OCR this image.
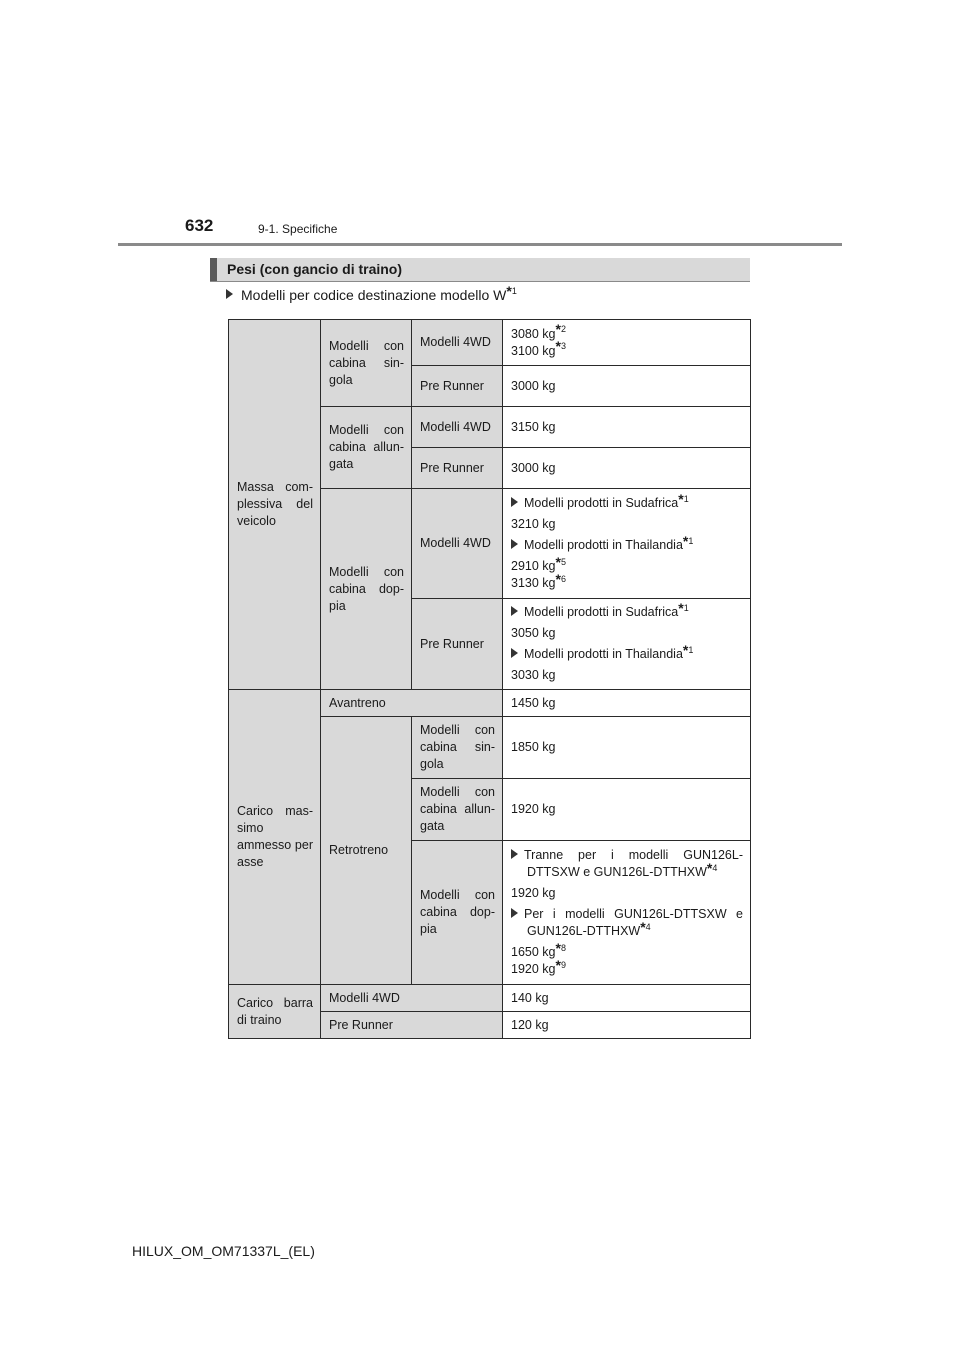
632	9-1. Specifiche
Pesi (con gancio di traino)
Modelli per codice destinazione modello $W^{*1}$
Massa com- plessiva del veicolo	Modelli con cabina sin- gola	Modelli 4WD	3080 $kg^{*2}$
3100 $kg^{*3}$

		Pre Runner	3000 kg
	Modelli con cabina allun- gata	Modelli 4WD	3150 kg
		Pre Runner	3000 kg
	Modelli con cabina dop- pia	Modelli 4WD	Modelli prodotti in Sudafrica$^{*1}$
3210 kg
Modelli prodotti in Thailandia$^{*1}$
2910 $kg^{*5}$
3130 $kg^{*6}$

		Pre Runner	Modelli prodotti in Sudafrica$^{*1}$
3050 kg
Modelli prodotti in Thailandia$^{*1}$
3030 kg

Carico mas- simo ammesso per asse	Avantreno		1450 kg
	Retrotreno	Modelli con cabina sin- gola	1850 kg
		Modelli con cabina allun- gata	1920 kg
		Modelli con cabina dop- pia	Tranne per i modelli GUN126L- DTTSXW e GUN126L-DTTHXW$^{*4}$
1920 kg
Per i modelli GUN126L-DTTSXW e GUN126L-DTTHXW$^{*4}$
1650 $kg^{*8}$
1920 $kg^{*9}$

Carico barra di traino	Modelli 4WD		140 kg
	Pre Runner		120 kg
HILUX_OM_OM71337L_(EL)
